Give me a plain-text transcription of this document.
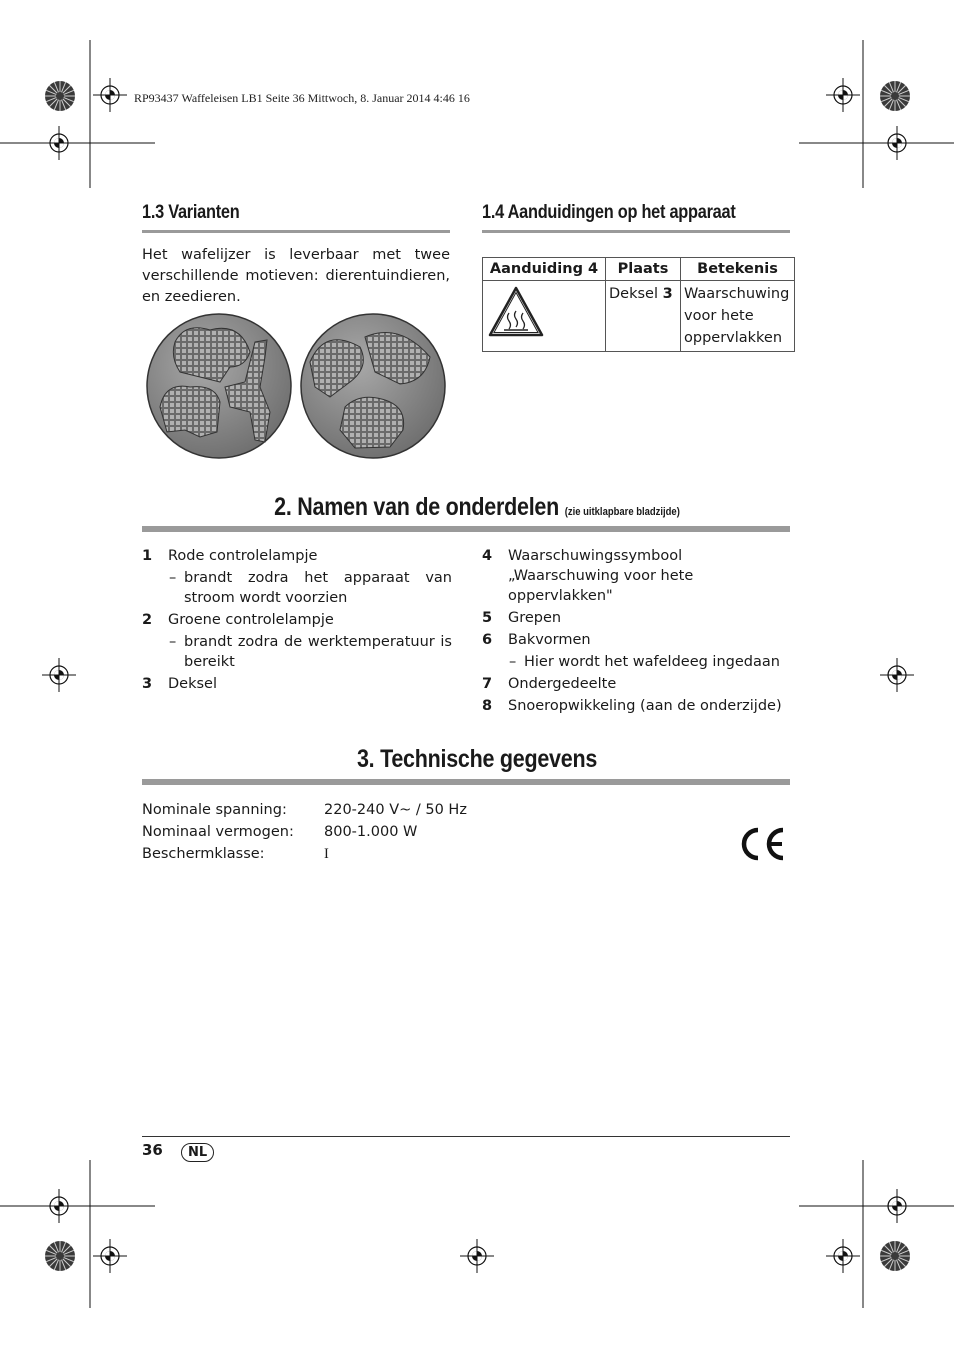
RP93437 Waffeleisen LB1 Seite 36 Mittwoch, 8. Januar 2014 4:46 16
1.3 Varianten
Het wafelijzer is leverbaar met twee verschillende motieven: dierentuindieren, en zeedieren.
1.4 Aanduidingen op het apparaat
Aanduiding 4	Plaats	Betekenis
	Deksel 3	Waarschuwing voor hete oppervlakken
2. Namen van de onderdelen (zie uitklapbare bladzijde)
1 Rode controlelampje
– brandt zodra het apparaat van stroom wordt voorzien
2 Groene controlelampje
– brandt zodra de werktemperatuur is bereikt
3 Deksel
4 Waarschuwingssymbool „Waarschuwing voor hete oppervlakken"
5 Grepen
6 Bakvormen
– Hier wordt het wafeldeeg ingedaan
7 Ondergedeelte
8 Snoeropwikkeling (aan de onderzijde)
3. Technische gegevens
Nominale spanning:	220-240 V~ / 50 Hz
Nominaal vermogen: 800-1.000 W
Beschermklasse:	I
36	NL
